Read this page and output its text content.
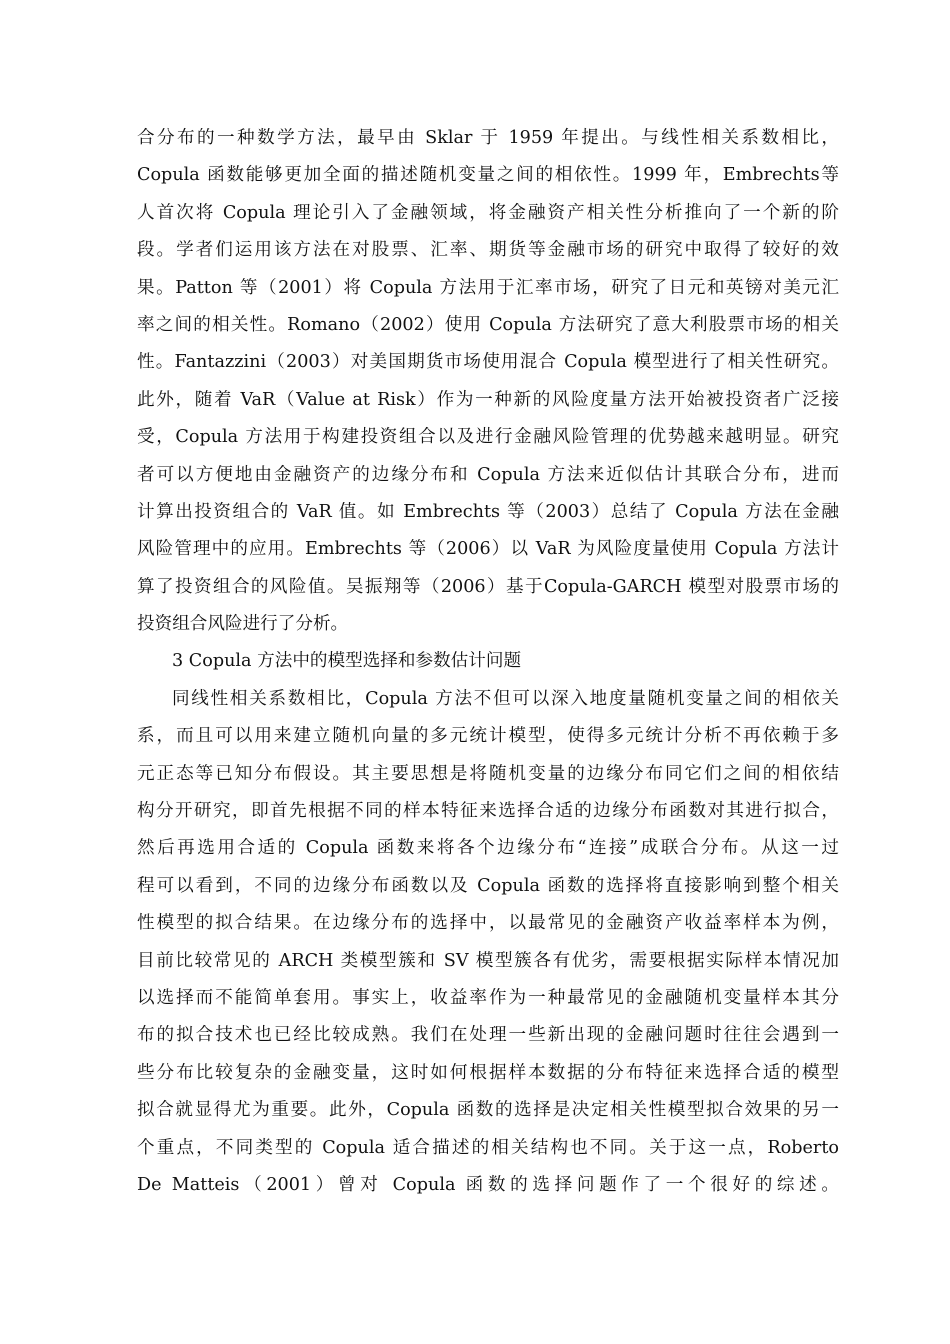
合分布的一种数学方法，最早由 Sklar 于 1959 年提出。与线性相关系数相比，
Copula 函数能够更加全面的描述随机变量之间的相依性。1999 年，Embrechts等
人首次将 Copula 理论引入了金融领域，将金融资产相关性分析推向了一个新的阶
段。学者们运用该方法在对股票、汇率、期货等金融市场的研究中取得了较好的效
果。Patton 等（2001）将 Copula 方法用于汇率市场，研究了日元和英镑对美元汇
率之间的相关性。Romano（2002）使用 Copula 方法研究了意大利股票市场的相关
性。Fantazzini（2003）对美国期货市场使用混合 Copula 模型进行了相关性研究。
此外，随着 VaR（Value at Risk）作为一种新的风险度量方法开始被投资者广泛接
受，Copula 方法用于构建投资组合以及进行金融风险管理的优势越来越明显。研究
者可以方便地由金融资产的边缘分布和 Copula 方法来近似估计其联合分布，进而
计算出投资组合的 VaR 值。如 Embrechts 等（2003）总结了 Copula 方法在金融
风险管理中的应用。Embrechts 等（2006）以 VaR 为风险度量使用 Copula 方法计
算了投资组合的风险值。吴振翔等（2006）基于Copula-GARCH 模型对股票市场的
投资组合风险进行了分析。
3 Copula 方法中的模型选择和参数估计问题
同线性相关系数相比，Copula 方法不但可以深入地度量随机变量之间的相依关
系，而且可以用来建立随机向量的多元统计模型，使得多元统计分析不再依赖于多
元正态等已知分布假设。其主要思想是将随机变量的边缘分布同它们之间的相依结
构分开研究，即首先根据不同的样本特征来选择合适的边缘分布函数对其进行拟合，
然后再选用合适的 Copula 函数来将各个边缘分布“连接”成联合分布。从这一过
程可以看到，不同的边缘分布函数以及 Copula 函数的选择将直接影响到整个相关
性模型的拟合结果。在边缘分布的选择中，以最常见的金融资产收益率样本为例，
目前比较常见的 ARCH 类模型簇和 SV 模型簇各有优劣，需要根据实际样本情况加
以选择而不能简单套用。事实上，收益率作为一种最常见的金融随机变量样本其分
布的拟合技术也已经比较成熟。我们在处理一些新出现的金融问题时往往会遇到一
些分布比较复杂的金融变量，这时如何根据样本数据的分布特征来选择合适的模型
拟合就显得尤为重要。此外，Copula 函数的选择是决定相关性模型拟合效果的另一
个重点，不同类型的 Copula 适合描述的相关结构也不同。关于这一点，Roberto
De Matteis（2001）曾对 Copula 函数的选择问题作了一个很好的综述。
